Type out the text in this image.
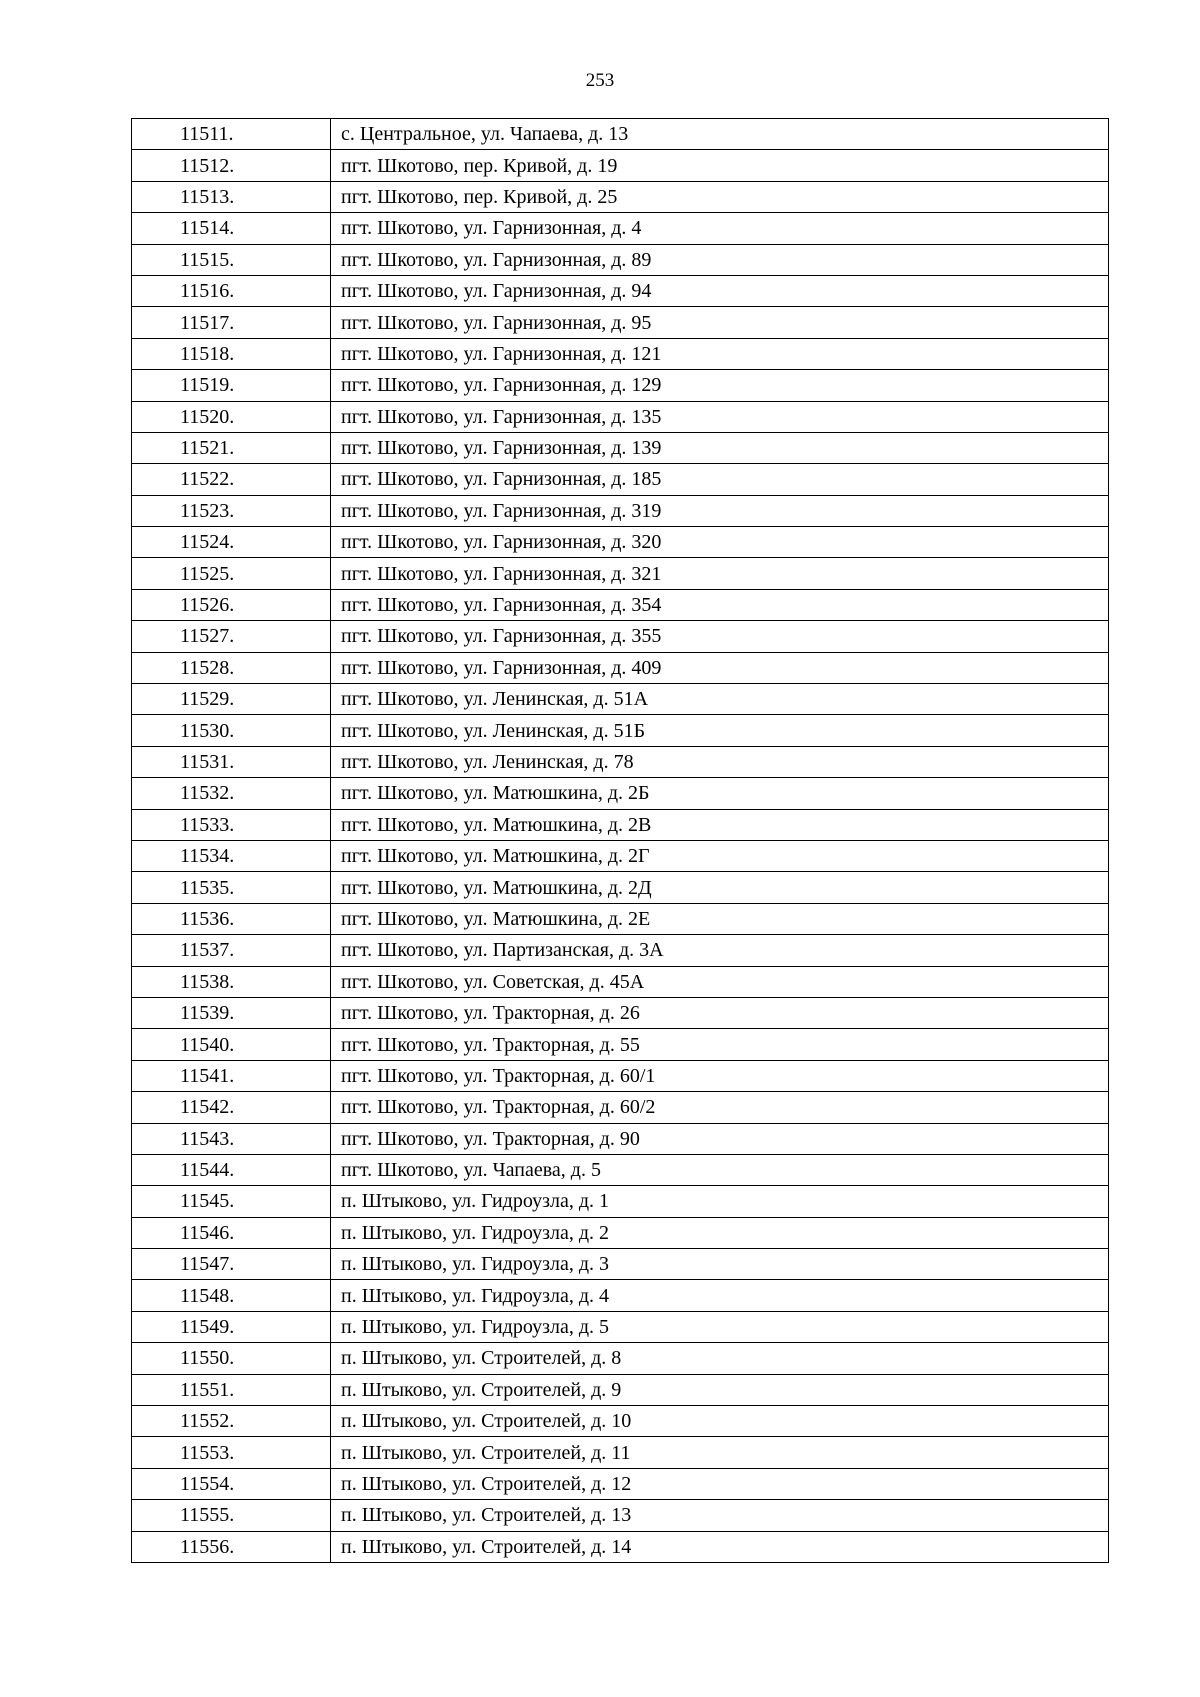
253
11511.	с. Центральное, ул. Чапаева, д. 13
11512.	пгт. Шкотово, пер. Кривой, д. 19
11513.	пгт. Шкотово, пер. Кривой, д. 25
11514.	пгт. Шкотово, ул. Гарнизонная, д. 4
11515.	пгт. Шкотово, ул. Гарнизонная, д. 89
11516.	пгт. Шкотово, ул. Гарнизонная, д. 94
11517.	пгт. Шкотово, ул. Гарнизонная, д. 95
11518.	пгт. Шкотово, ул. Гарнизонная, д. 121
11519.	пгт. Шкотово, ул. Гарнизонная, д. 129
11520.	пгт. Шкотово, ул. Гарнизонная, д. 135
11521.	пгт. Шкотово, ул. Гарнизонная, д. 139
11522.	пгт. Шкотово, ул. Гарнизонная, д. 185
11523.	пгт. Шкотово, ул. Гарнизонная, д. 319
11524.	пгт. Шкотово, ул. Гарнизонная, д. 320
11525.	пгт. Шкотово, ул. Гарнизонная, д. 321
11526.	пгт. Шкотово, ул. Гарнизонная, д. 354
11527.	пгт. Шкотово, ул. Гарнизонная, д. 355
11528.	пгт. Шкотово, ул. Гарнизонная, д. 409
11529.	пгт. Шкотово, ул. Ленинская, д. 51А
11530.	пгт. Шкотово, ул. Ленинская, д. 51Б
11531.	пгт. Шкотово, ул. Ленинская, д. 78
11532.	пгт. Шкотово, ул. Матюшкина, д. 2Б
11533.	пгт. Шкотово, ул. Матюшкина, д. 2В
11534.	пгт. Шкотово, ул. Матюшкина, д. 2Г
11535.	пгт. Шкотово, ул. Матюшкина, д. 2Д
11536.	пгт. Шкотово, ул. Матюшкина, д. 2Е
11537.	пгт. Шкотово, ул. Партизанская, д. 3А
11538.	пгт. Шкотово, ул. Советская, д. 45А
11539.	пгт. Шкотово, ул. Тракторная, д. 26
11540.	пгт. Шкотово, ул. Тракторная, д. 55
11541.	пгт. Шкотово, ул. Тракторная, д. 60/1
11542.	пгт. Шкотово, ул. Тракторная, д. 60/2
11543.	пгт. Шкотово, ул. Тракторная, д. 90
11544.	пгт. Шкотово, ул. Чапаева, д. 5
11545.	п. Штыково, ул. Гидроузла, д. 1
11546.	п. Штыково, ул. Гидроузла, д. 2
11547.	п. Штыково, ул. Гидроузла, д. 3
11548.	п. Штыково, ул. Гидроузла, д. 4
11549.	п. Штыково, ул. Гидроузла, д. 5
11550.	п. Штыково, ул. Строителей, д. 8
11551.	п. Штыково, ул. Строителей, д. 9
11552.	п. Штыково, ул. Строителей, д. 10
11553.	п. Штыково, ул. Строителей, д. 11
11554.	п. Штыково, ул. Строителей, д. 12
11555.	п. Штыково, ул. Строителей, д. 13
11556.	п. Штыково, ул. Строителей, д. 14
